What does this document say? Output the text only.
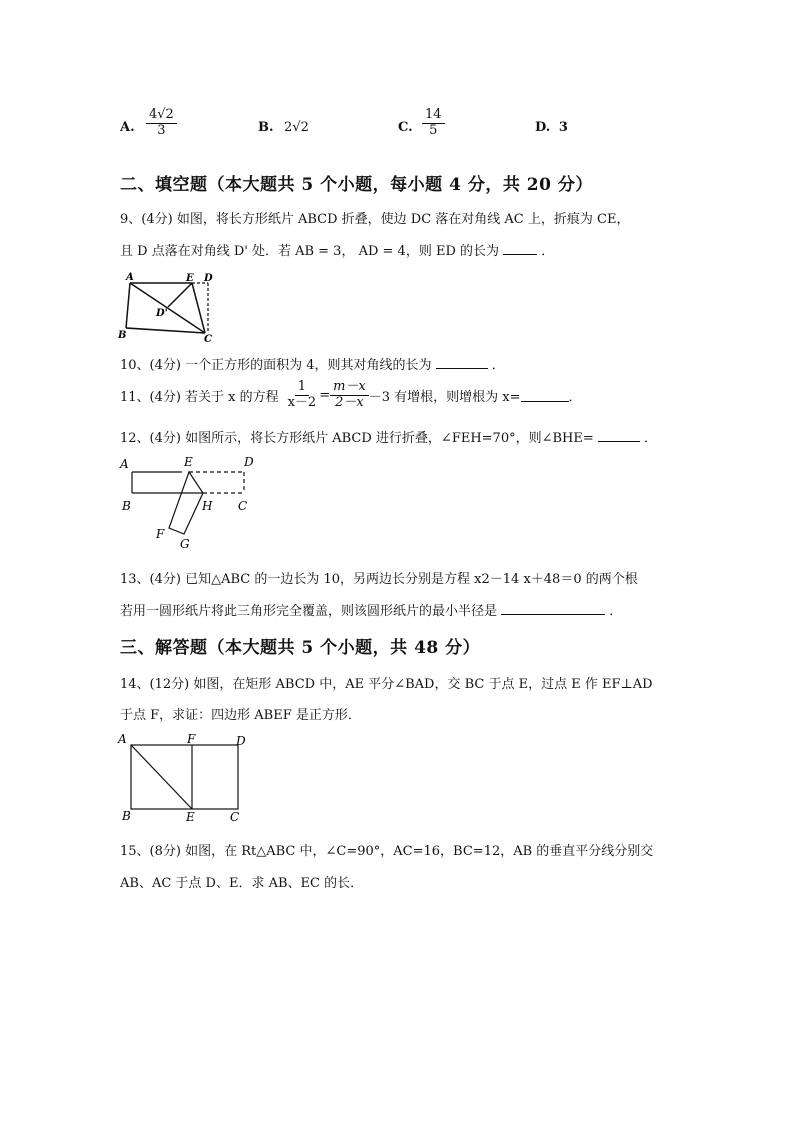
A. $\frac{4√2}{3}$	B. 2√2	C. $\frac{14}{5}$	D. 3
二、填空题（本大题共 5 个小题，每小题 4 分，共 20 分）
9、(4分) 如图，将长方形纸片 ABCD 折叠，使边 DC 落在对角线 AC 上，折痕为 CE，
且 D 点落在对角线 D' 处．若 AB = 3， AD = 4，则 ED 的长为	．
A	E D
D'
B	C
10、(4分) 一个正方形的面积为 4，则其对角线的长为	．
11、(4分) 若关于 x 的方程 $\frac{1}{x-2} = \frac{m-x}{2-x} -3$ 有增根，则增根为 x=	．
12、(4分) 如图所示，将长方形纸片 ABCD 进行折叠，∠FEH=70°，则∠BHE=	．
A	E	D
B	H C
F
G
13、(4分) 已知△ABC 的一边长为 10，另两边长分别是方程 x2－14 x＋48＝0 的两个根
若用一圆形纸片将此三角形完全覆盖，则该圆形纸片的最小半径是	．
三、解答题（本大题共 5 个小题，共 48 分）
14、(12分) 如图，在矩形 ABCD 中，AE 平分∠BAD，交 BC 于点 E，过点 E 作 EF⊥AD
于点 F，求证：四边形 ABEF 是正方形．
A	F	D
B	E	C
15、(8分) 如图，在 Rt△ABC 中，∠C=90°，AC=16，BC=12，AB 的垂直平分线分别交
AB、AC 于点 D、E．求 AB、EC 的长．
